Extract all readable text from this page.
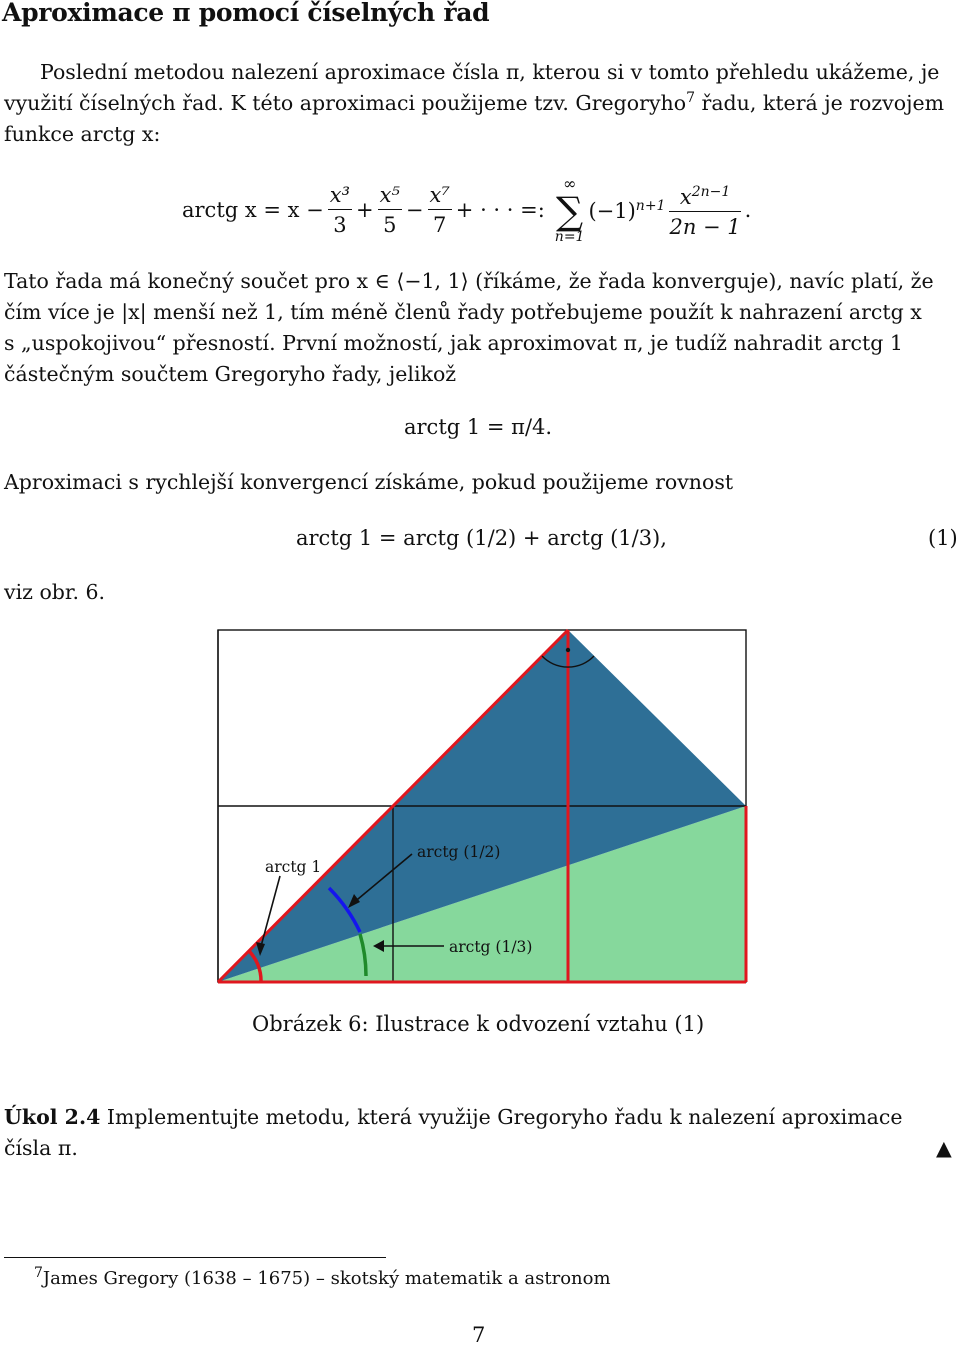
Aproximace π pomocí číselných řad
Poslední metodou nalezení aproximace čísla π, kterou si v tomto přehledu ukážeme, je
využití číselných řad. K této aproximaci použijeme tzv. Gregoryho$^7$ řadu, která je rozvojem
funkce arctg x:
arctg $x = x - \frac{\text{x³}}{3} + \frac{\text{x⁵}}{5} - \frac{\text{x⁷}}{7}$ + · · · =:
∞
∑
n=1
$(-1)^{n+1} \frac{x^{2n-1}}{2n - 1}$ .
Tato řada má konečný součet pro x ∈ ⟨−1, 1⟩ (říkáme, že řada konverguje), navíc platí, že
čím více je |x| menší než 1, tím méně členů řady potřebujeme použít k nahrazení arctg x
s „uspokojivou“ přesností. První možností, jak aproximovat π, je tudíž nahradit arctg 1
částečným součtem Gregoryho řady, jelikož
arctg 1 = π/4.
Aproximaci s rychlejší konvergencí získáme, pokud použijeme rovnost
arctg 1 = arctg (1/2) + arctg (1/3),	(1)
viz obr. 6.
arctg 1
arctg (1/2)
arctg (1/3)
Obrázek 6: Ilustrace k odvození vztahu (1)
Úkol 2.4 Implementujte metodu, která využije Gregoryho řadu k nalezení aproximace
čísla π.	▲
$^7$James Gregory (1638 – 1675) – skotský matematik a astronom
7
